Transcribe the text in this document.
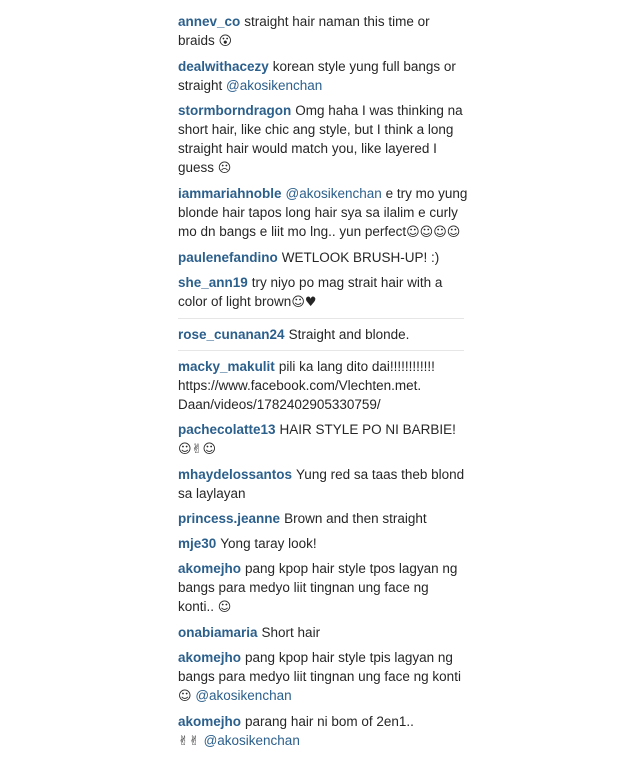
annev_co straight hair naman this time or braids 😮
dealwithacezy korean style yung full bangs or straight @akosikenchan
stormborndragon Omg haha I was thinking na short hair, like chic ang style, but I think a long straight hair would match you, like layered I guess ☹
iammariahnoble @akosikenchan e try mo yung blonde hair tapos long hair sya sa ilalim e curly mo dn bangs e liit mo lng.. yun perfect☺☺☺☺
paulenefandino WETLOOK BRUSH-UP! :)
she_ann19 try niyo po mag strait hair with a color of light brown☺♥
rose_cunanan24 Straight and blonde.
macky_makulit pili ka lang dito dai!!!!!!!!!!!! https://www.facebook.com/Vlechten.met. Daan/videos/1782402905330759/
pachecolatte13 HAIR STYLE PO NI BARBIE! ☺✌☺
mhaydelossantos Yung red sa taas theb blond sa laylayan
princess.jeanne Brown and then straight
mje30 Yong taray look!
akomejho pang kpop hair style tpos lagyan ng bangs para medyo liit tingnan ung face ng konti.. ☺
onabiamaria Short hair
akomejho pang kpop hair style tpis lagyan ng bangs para medyo liit tingnan ung face ng konti ☺ @akosikenchan
akomejho parang hair ni bom of 2en1..
✌✌ @akosikenchan
